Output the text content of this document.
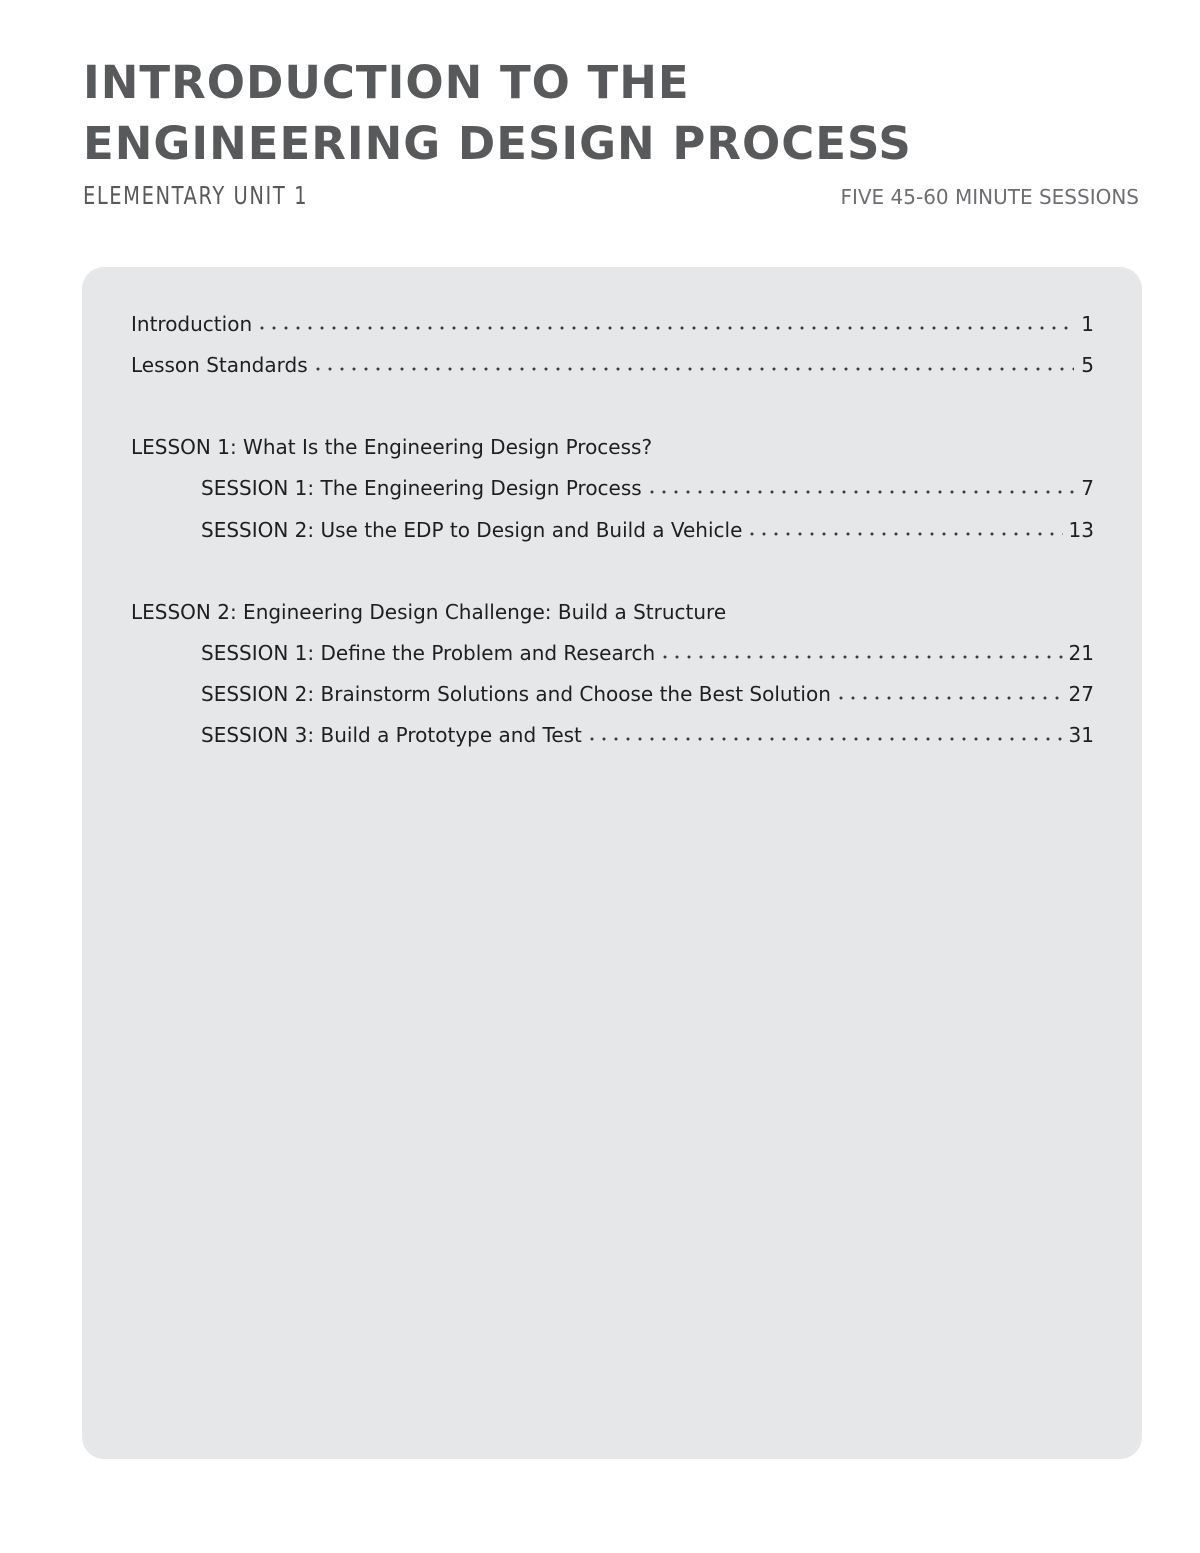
INTRODUCTION TO THE
ENGINEERING DESIGN PROCESS
ELEMENTARY UNIT 1	FIVE 45-60 MINUTE SESSIONS
Introduction	1
Lesson Standards	5
LESSON 1: What Is the Engineering Design Process?
SESSION 1: The Engineering Design Process	7
SESSION 2: Use the EDP to Design and Build a Vehicle	13
LESSON 2: Engineering Design Challenge: Build a Structure
SESSION 1: Define the Problem and Research	21
SESSION 2: Brainstorm Solutions and Choose the Best Solution	27
SESSION 3: Build a Prototype and Test	31
